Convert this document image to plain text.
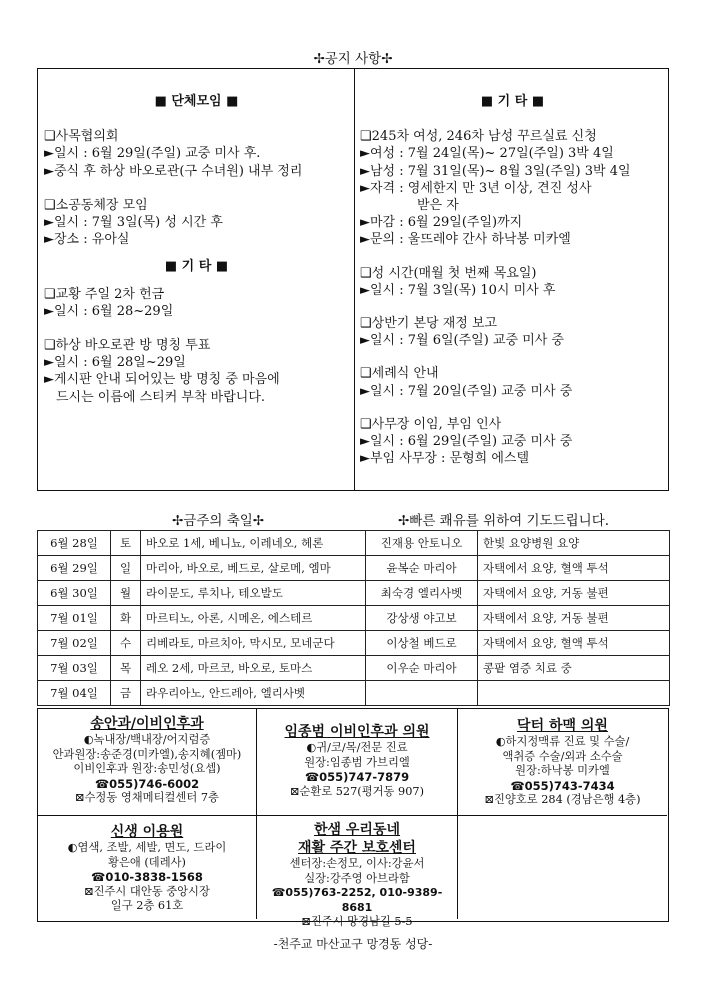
✢공지 사항✢
■ 단체모임 ■
❑사목협의회
►일시 : 6월 29일(주일) 교중 미사 후.
►중식 후 하상 바오로관(구 수녀원) 내부 정리
❑소공동체장 모임
►일시 : 7월 3일(목) 성 시간 후
►장소 : 유아실
■ 기 타 ■
❑교황 주일 2차 헌금
►일시 : 6월 28~29일
❑하상 바오로관 방 명칭 투표
►일시 : 6월 28일~29일
►게시판 안내 되어있는 방 명칭 중 마음에
드시는 이름에 스티커 부착 바랍니다.
■ 기 타 ■
❑245차 여성, 246차 남성 꾸르실료 신청
►여성 : 7월 24일(목)~ 27일(주일) 3박 4일
►남성 : 7월 31일(목)~ 8월 3일(주일) 3박 4일
►자격 : 영세한지 만 3년 이상, 견진 성사
받은 자
►마감 : 6월 29일(주일)까지
►문의 : 울뜨레야 간사 하낙봉 미카엘
❑성 시간(매월 첫 번째 목요일)
►일시 : 7월 3일(목) 10시 미사 후
❑상반기 본당 재정 보고
►일시 : 7월 6일(주일) 교중 미사 중
❑세례식 안내
►일시 : 7월 20일(주일) 교중 미사 중
❑사무장 이임, 부임 인사
►일시 : 6월 29일(주일) 교중 미사 중
►부임 사무장 : 문형희 에스텔
✢금주의 축일✢	✢빠른 쾌유를 위하여 기도드립니다.
6월 28일	토	바오로 1세, 베니뇨, 이레네오, 헤론	진재용 안토니오	한빛 요양병원 요양
6월 29일	일	마리아, 바오로, 베드로, 살로메, 엠마	윤복순 마리아	자택에서 요양, 혈액 투석
6월 30일	월	라이문도, 루치나, 테오발도	최숙경 엘리사벳	자택에서 요양, 거동 불편
7월 01일	화	마르티노, 아론, 시메온, 에스테르	강상생 야고보	자택에서 요양, 거동 불편
7월 02일	수	리베라토, 마르치아, 막시모, 모네군다	이상철 베드로	자택에서 요양, 혈액 투석
7월 03일	목	레오 2세, 마르코, 바오로, 토마스	이우순 마리아	콩팥 염증 치료 중
7월 04일	금	라우리아노, 안드레아, 엘리사벳		
송안과/이비인후과
◐녹내장/백내장/어지럼증
안과원장:송준경(미카엘),송지혜(젬마)
이비인후과 원장:송민성(요셉)
☎055)746-6002
⊠수정동 영채메티컬센터 7층
임종범 이비인후과 의원
◐귀/코/목/전문 진료
원장:임종범 가브리엘
☎055)747-7879
⊠순환로 527(평거동 907)
닥터 하맥 의원
◐하지정맥류 진료 및 수술/
액취증 수술/외과 소수술
원장:하낙봉 미카엘
☎055)743-7434
⊠진양호로 284 (경남은행 4층)
신생 이용원
◐염색, 조발, 세발, 면도, 드라이
황은애 (데레사)
☎010-3838-1568
⊠진주시 대안동 중앙시장
일구 2층 61호
한샘 우리동네
재활 주간 보호센터
센터장:손정모, 이사:강윤서
실장:강주영 아브라함
☎055)763-2252, 010-9389-8681
⊠진주시 망경남길 5-5
-천주교 마산교구 망경동 성당-
